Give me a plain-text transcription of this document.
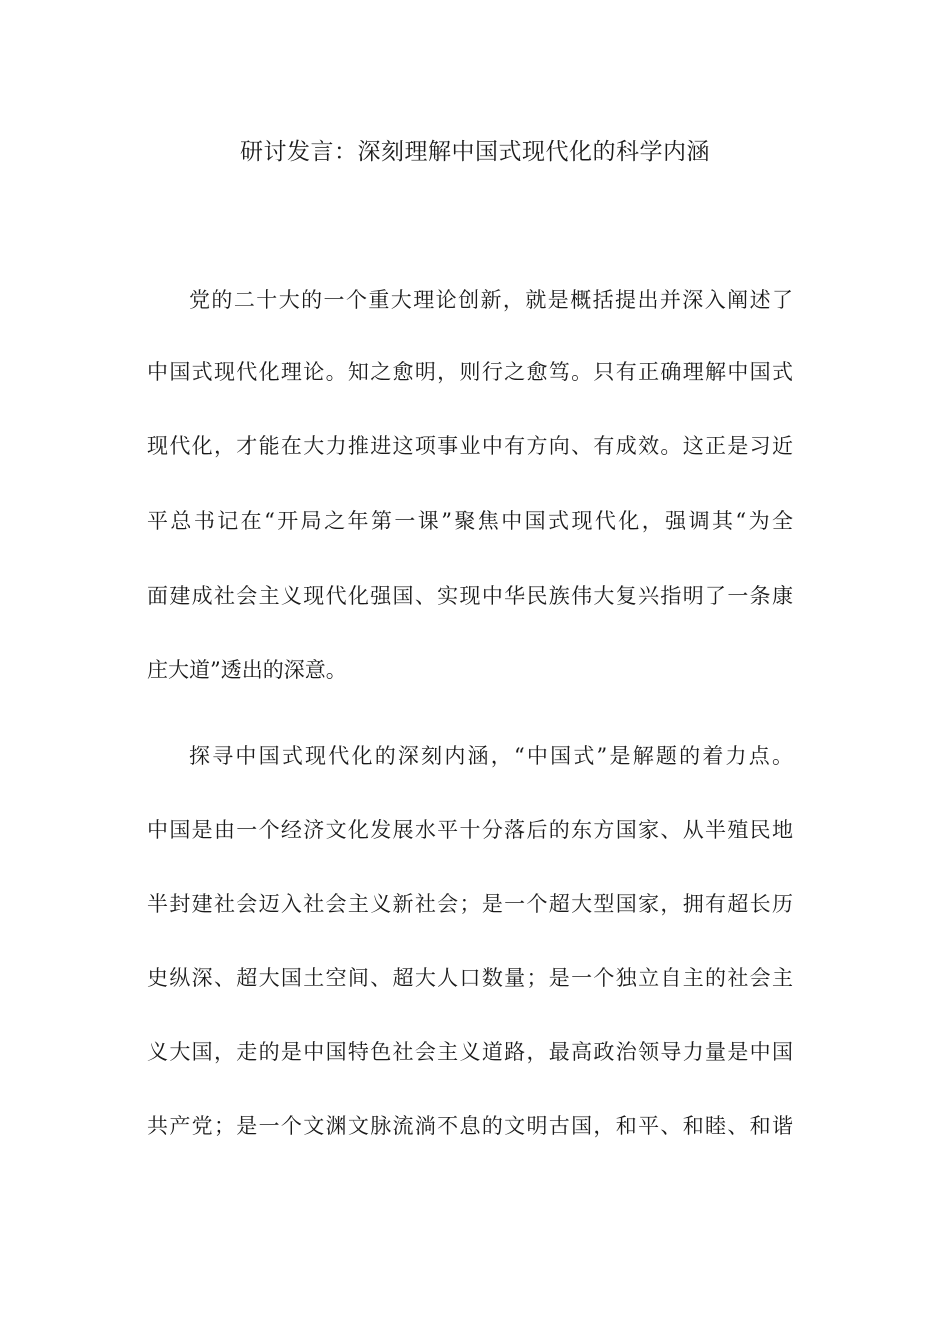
研讨发言：深刻理解中国式现代化的科学内涵

党的二十大的一个重大理论创新，就是概括提出并深入阐述了

中国式现代化理论。知之愈明，则行之愈笃。只有正确理解中国式

现代化，才能在大力推进这项事业中有方向、有成效。这正是习近

平总书记在“开局之年第一课”聚焦中国式现代化，强调其“为全

面建成社会主义现代化强国、实现中华民族伟大复兴指明了一条康

庄大道”透出的深意。

探寻中国式现代化的深刻内涵，“中国式”是解题的着力点。

中国是由一个经济文化发展水平十分落后的东方国家、从半殖民地

半封建社会迈入社会主义新社会；是一个超大型国家，拥有超长历

史纵深、超大国土空间、超大人口数量；是一个独立自主的社会主

义大国，走的是中国特色社会主义道路，最高政治领导力量是中国

共产党；是一个文渊文脉流淌不息的文明古国，和平、和睦、和谐
